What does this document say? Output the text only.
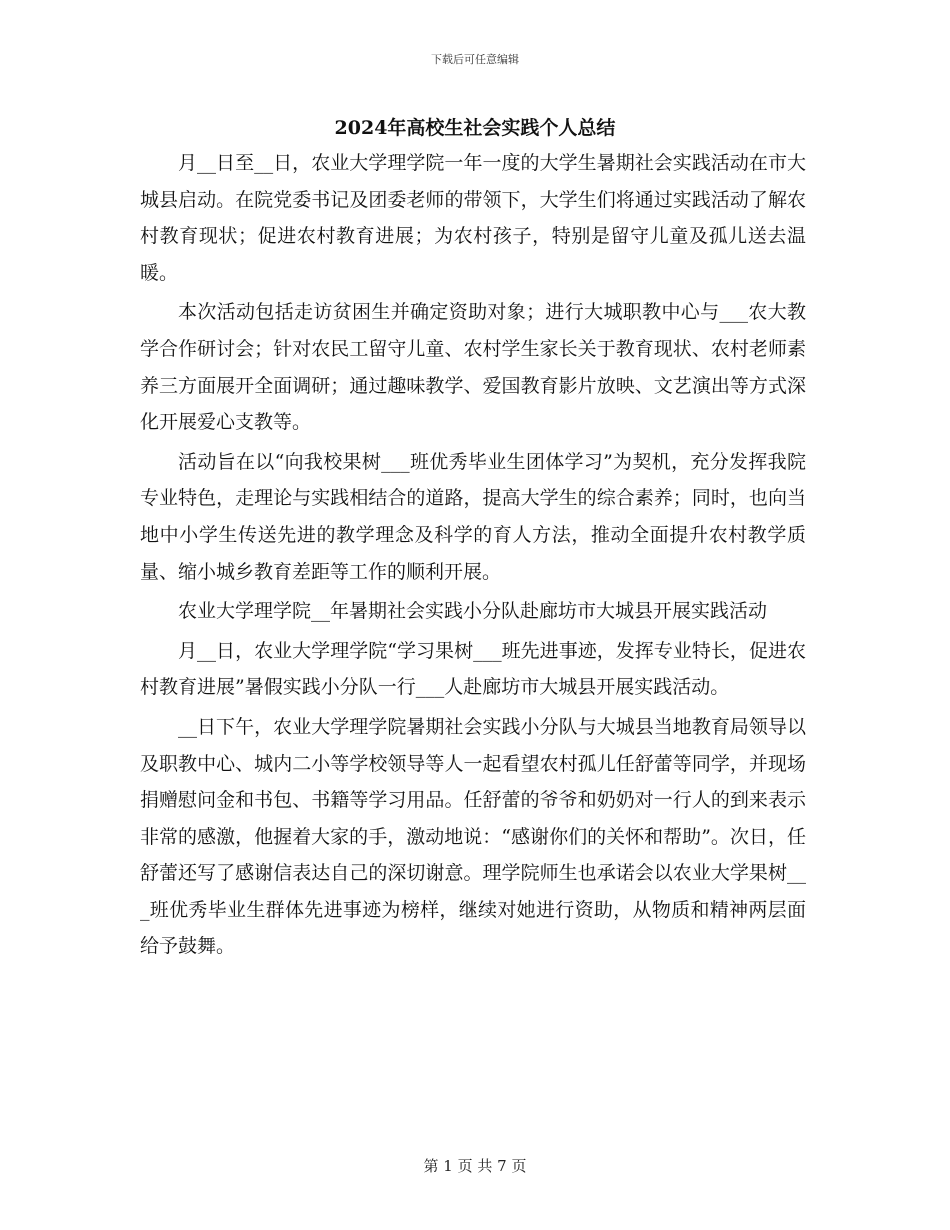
下载后可任意编辑
2024年高校生社会实践个人总结

月__日至__日，农业大学理学院一年一度的大学生暑期社会实践活动在市大城县启动。在院党委书记及团委老师的带领下，大学生们将通过实践活动了解农村教育现状；促进农村教育进展；为农村孩子，特别是留守儿童及孤儿送去温暖。

本次活动包括走访贫困生并确定资助对象；进行大城职教中心与___农大教学合作研讨会；针对农民工留守儿童、农村学生家长关于教育现状、农村老师素养三方面展开全面调研；通过趣味教学、爱国教育影片放映、文艺演出等方式深化开展爱心支教等。

活动旨在以“向我校果树___班优秀毕业生团体学习”为契机，充分发挥我院专业特色，走理论与实践相结合的道路，提高大学生的综合素养；同时，也向当地中小学生传送先进的教学理念及科学的育人方法，推动全面提升农村教学质量、缩小城乡教育差距等工作的顺利开展。

农业大学理学院__年暑期社会实践小分队赴廊坊市大城县开展实践活动

月__日，农业大学理学院“学习果树___班先进事迹，发挥专业特长，促进农村教育进展”暑假实践小分队一行___人赴廊坊市大城县开展实践活动。

__日下午，农业大学理学院暑期社会实践小分队与大城县当地教育局领导以及职教中心、城内二小等学校领导等人一起看望农村孤儿任舒蕾等同学，并现场捐赠慰问金和书包、书籍等学习用品。任舒蕾的爷爷和奶奶对一行人的到来表示非常的感激，他握着大家的手，激动地说：“感谢你们的关怀和帮助”。次日，任舒蕾还写了感谢信表达自己的深切谢意。理学院师生也承诺会以农业大学果树___班优秀毕业生群体先进事迹为榜样，继续对她进行资助，从物质和精神两层面给予鼓舞。

第 1 页 共 7 页
